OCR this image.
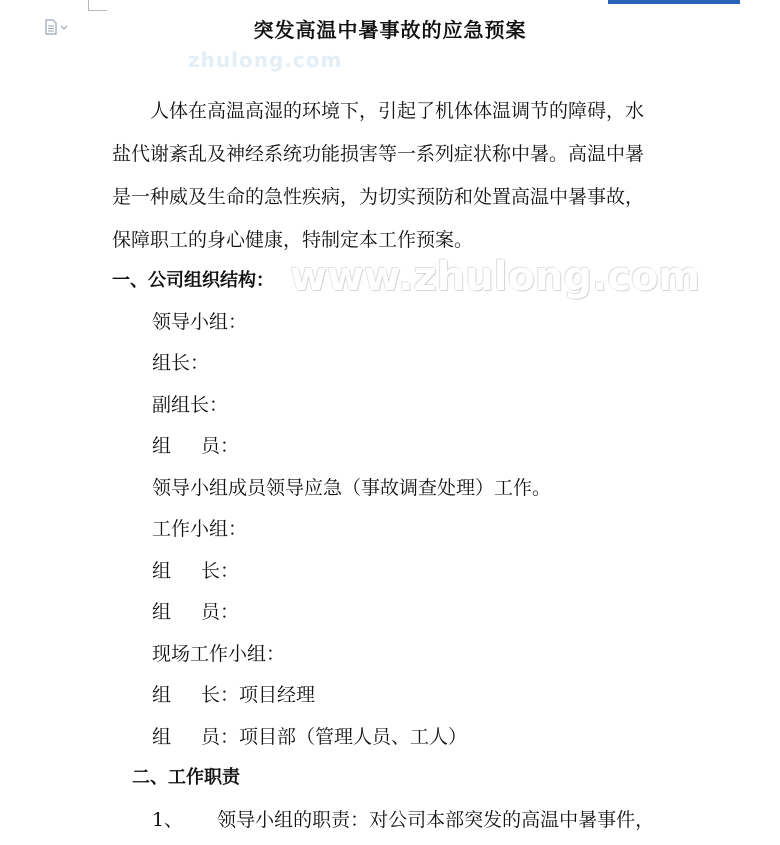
突发高温中暑事故的应急预案
zhulong.com
人体在高温高湿的环境下，引起了机体体温调节的障碍，水
盐代谢紊乱及神经系统功能损害等一系列症状称中暑。高温中暑
是一种威及生命的急性疾病，为切实预防和处置高温中暑事故，
保障职工的身心健康，特制定本工作预案。
一、公司组织结构： www.zhulong.com
领导小组：
组长：
副组长：
组 员：
领导小组成员领导应急（事故调查处理）工作。
工作小组：
组 长：
组 员：
现场工作小组：
组 长：项目经理
组 员：项目部（管理人员、工人）
二、工作职责
1、 领导小组的职责：对公司本部突发的高温中暑事件，
